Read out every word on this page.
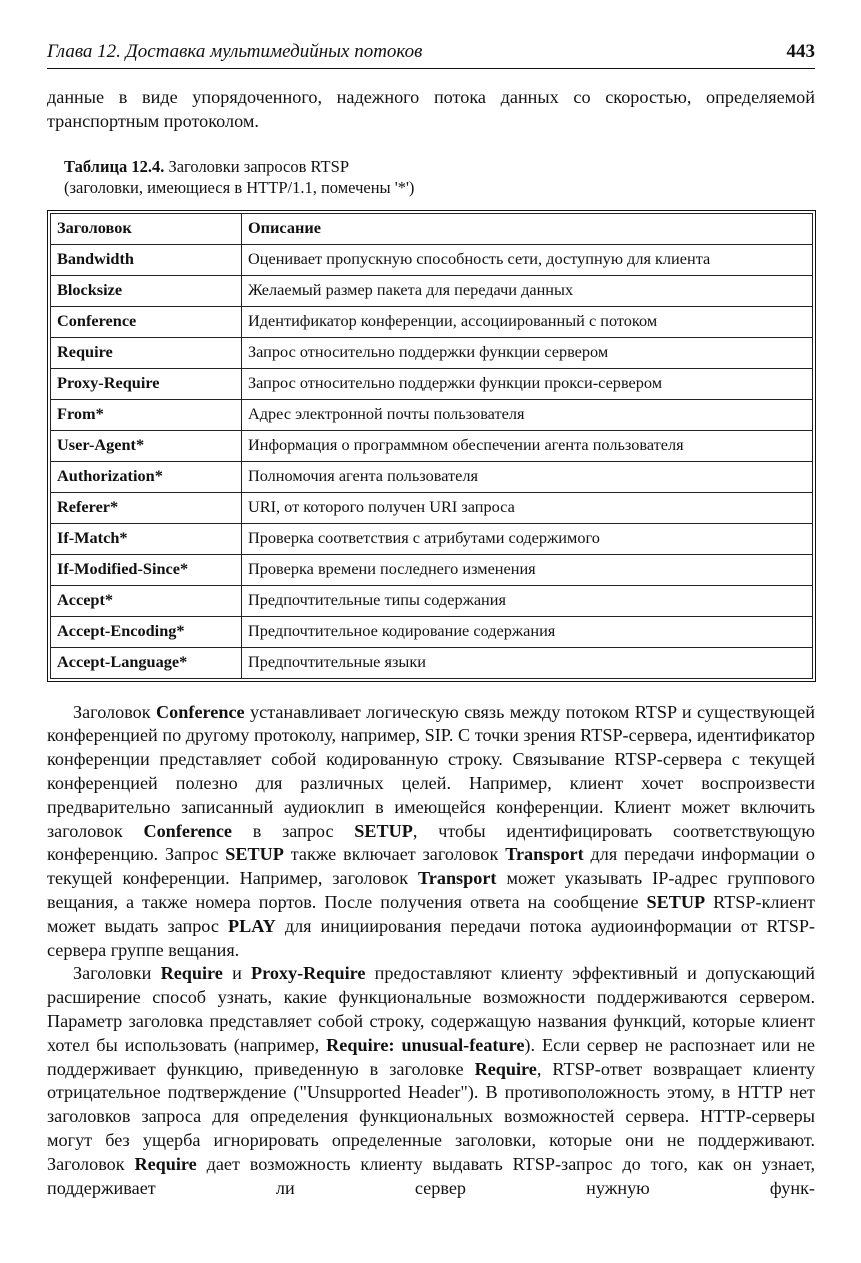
Глава 12. Доставка мультимедийных потоков	443

данные в виде упорядоченного, надежного потока данных со скоростью, определяемой транспортным протоколом.

Таблица 12.4. Заголовки запросов RTSP
(заголовки, имеющиеся в HTTP/1.1, помечены '*')
Заголовок	Описание
Bandwidth	Оценивает пропускную способность сети, доступную для клиента
Blocksize	Желаемый размер пакета для передачи данных
Conference	Идентификатор конференции, ассоциированный с потоком
Require	Запрос относительно поддержки функции сервером
Proxy-Require	Запрос относительно поддержки функции прокси-сервером
From*	Адрес электронной почты пользователя
User-Agent*	Информация о программном обеспечении агента пользователя
Authorization*	Полномочия агента пользователя
Referer*	URI, от которого получен URI запроса
If-Match*	Проверка соответствия с атрибутами содержимого
If-Modified-Since*	Проверка времени последнего изменения
Accept*	Предпочтительные типы содержания
Accept-Encoding*	Предпочтительное кодирование содержания
Accept-Language*	Предпочтительные языки

Заголовок Conference устанавливает логическую связь между потоком RTSP и существующей конференцией по другому протоколу, например, SIP. С точки зрения RTSP-сервера, идентификатор конференции представляет собой кодированную строку. Связывание RTSP-сервера с текущей конференцией полезно для различных целей. Например, клиент хочет воспроизвести предварительно записанный аудиоклип в имеющейся конференции. Клиент может включить заголовок Conference в запрос SETUP, чтобы идентифицировать соответствующую конференцию. Запрос SETUP также включает заголовок Transport для передачи информации о текущей конференции. Например, заголовок Transport может указывать IP-адрес группового вещания, а также номера портов. После получения ответа на сообщение SETUP RTSP-клиент может выдать запрос PLAY для инициирования передачи потока аудиоинформации от RTSP-сервера группе вещания.

Заголовки Require и Proxy-Require предоставляют клиенту эффективный и допускающий расширение способ узнать, какие функциональные возможности поддерживаются сервером. Параметр заголовка представляет собой строку, содержащую названия функций, которые клиент хотел бы использовать (например, Require: unusual-feature). Если сервер не распознает или не поддерживает функцию, приведенную в заголовке Require, RTSP-ответ возвращает клиенту отрицательное подтверждение ("Unsupported Header"). В противоположность этому, в HTTP нет заголовков запроса для определения функциональных возможностей сервера. HTTP-серверы могут без ущерба игнорировать определенные заголовки, которые они не поддерживают. Заголовок Require дает возможность клиенту выдавать RTSP-запрос до того, как он узнает, поддерживает ли сервер нужную функ-
